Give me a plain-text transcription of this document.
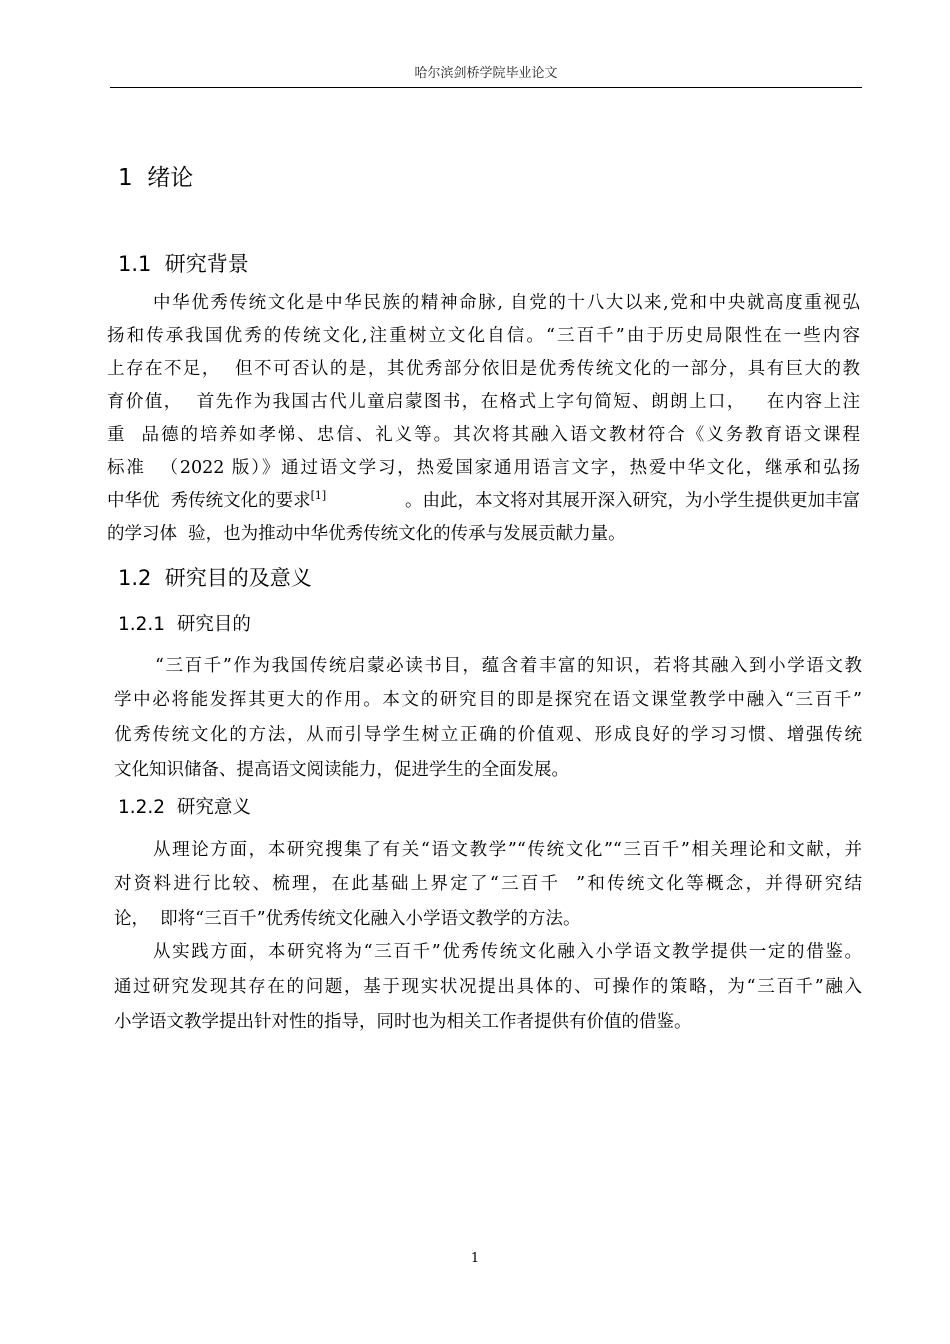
哈尔滨剑桥学院毕业论文
1  绪论
1.1  研究背景
中华优秀传统文化是中华民族的精神命脉, 自党的十八大以来,党和中央就高度重视弘
扬和传承我国优秀的传统文化,注重树立文化自信。“三百千”由于历史局限性在一些内容
上存在不足，  但不可否认的是，其优秀部分依旧是优秀传统文化的一部分，具有巨大的教
育价值，  首先作为我国古代儿童启蒙图书，在格式上字句简短、朗朗上口，   在内容上注
重  品德的培养如孝悌、忠信、礼义等。其次将其融入语文教材符合《义务教育语文课程
标准  （2022 版）》通过语文学习，热爱国家通用语言文字，热爱中华文化，继承和弘扬
中华优  秀传统文化的要求[1]	。由此，本文将对其展开深入研究，为小学生提供更加丰富
的学习体  验，也为推动中华优秀传统文化的传承与发展贡献力量。
1.2  研究目的及意义
1.2.1  研究目的
“三百千”作为我国传统启蒙必读书目，蕴含着丰富的知识，若将其融入到小学语文教
学中必将能发挥其更大的作用。本文的研究目的即是探究在语文课堂教学中融入“三百千”
优秀传统文化的方法，从而引导学生树立正确的价值观、形成良好的学习习惯、增强传统
文化知识储备、提高语文阅读能力，促进学生的全面发展。
1.2.2  研究意义
从理论方面，本研究搜集了有关“语文教学”“传统文化”“三百千”相关理论和文献，并
对资料进行比较、梳理，在此基础上界定了“三百千  ”和传统文化等概念，并得研究结
论，  即将“三百千”优秀传统文化融入小学语文教学的方法。
从实践方面，本研究将为“三百千”优秀传统文化融入小学语文教学提供一定的借鉴。
通过研究发现其存在的问题，基于现实状况提出具体的、可操作的策略，为“三百千”融入
小学语文教学提出针对性的指导，同时也为相关工作者提供有价值的借鉴。
1
